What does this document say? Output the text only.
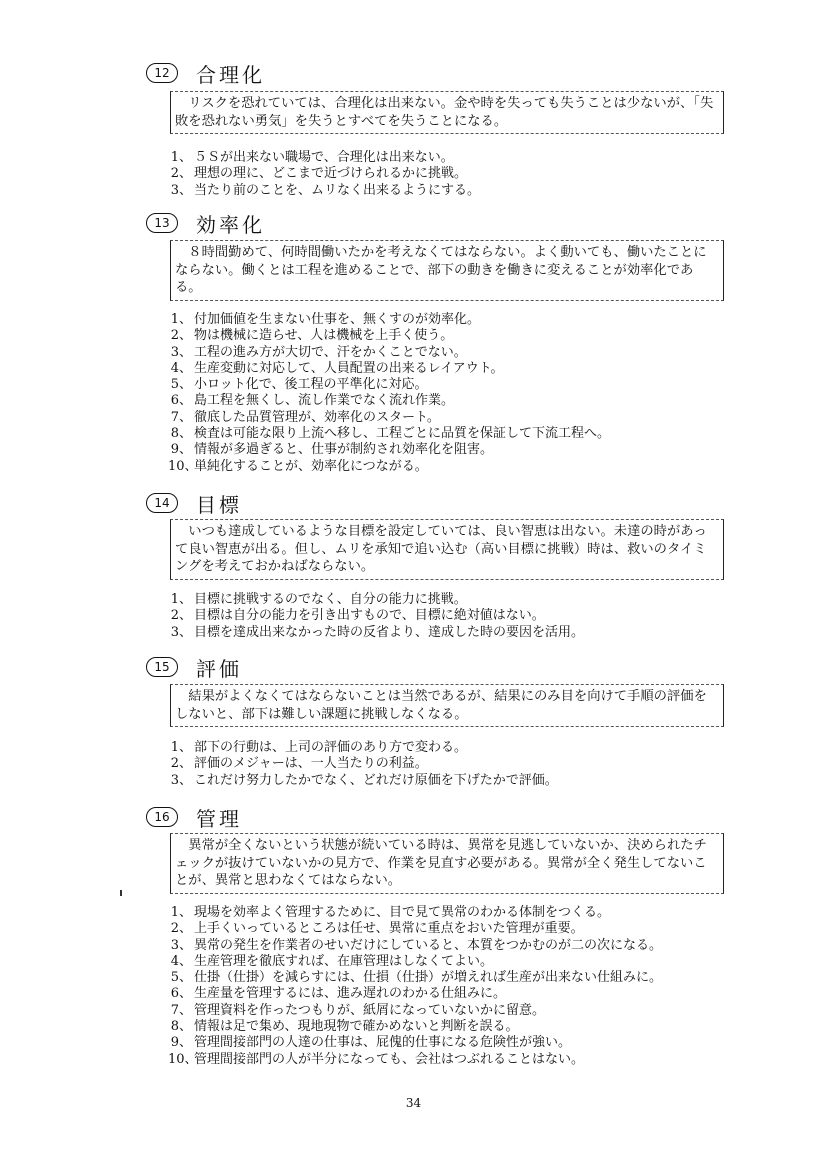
12	合理化

リスクを恐れていては、合理化は出来ない。金や時を失っても失うことは少ないが、「失敗を恐れない勇気」を失うとすべてを失うことになる。

1、 ５Ｓが出来ない職場で、合理化は出来ない。
2、 理想の理に、どこまで近づけられるかに挑戦。
3、 当たり前のことを、ムリなく出来るようにする。
13	効率化

８時間勤めて、何時間働いたかを考えなくてはならない。よく動いても、働いたことにならない。働くとは工程を進めることで、部下の動きを働きに変えることが効率化である。

1、 付加価値を生まない仕事を、無くすのが効率化。
2、 物は機械に造らせ、人は機械を上手く使う。
3、 工程の進み方が大切で、汗をかくことでない。
4、 生産変動に対応して、人員配置の出来るレイアウト。
5、 小ロット化で、後工程の平準化に対応。
6、 島工程を無くし、流し作業でなく流れ作業。
7、 徹底した品質管理が、効率化のスタート。
8、 検査は可能な限り上流へ移し、工程ごとに品質を保証して下流工程へ。
9、 情報が多過ぎると、仕事が制約され効率化を阻害。
10、単純化することが、効率化につながる。
14	目標

いつも達成しているような目標を設定していては、良い智恵は出ない。未達の時があって良い智恵が出る。但し、ムリを承知で追い込む（高い目標に挑戦）時は、救いのタイミングを考えておかねばならない。

1、 目標に挑戦するのでなく、自分の能力に挑戦。
2、 目標は自分の能力を引き出すもので、目標に絶対値はない。
3、 目標を達成出来なかった時の反省より、達成した時の要因を活用。
15	評価

結果がよくなくてはならないことは当然であるが、結果にのみ目を向けて手順の評価をしないと、部下は難しい課題に挑戦しなくなる。

1、 部下の行動は、上司の評価のあり方で変わる。
2、 評価のメジャーは、一人当たりの利益。
3、 これだけ努力したかでなく、どれだけ原価を下げたかで評価。
16	管理

異常が全くないという状態が続いている時は、異常を見逃していないか、決められたチェックが抜けていないかの見方で、作業を見直す必要がある。異常が全く発生してないことが、異常と思わなくてはならない。

1、 現場を効率よく管理するために、目で見て異常のわかる体制をつくる。
2、 上手くいっているところは任せ、異常に重点をおいた管理が重要。
3、 異常の発生を作業者のせいだけにしていると、本質をつかむのが二の次になる。
4、 生産管理を徹底すれば、在庫管理はしなくてよい。
5、 仕掛（仕掛）を減らすには、仕損（仕掛）が増えれば生産が出来ない仕組みに。
6、 生産量を管理するには、進み遅れのわかる仕組みに。
7、 管理資料を作ったつもりが、紙屑になっていないかに留意。
8、 情報は足で集め、現地現物で確かめないと判断を誤る。
9、 管理間接部門の人達の仕事は、屁傀的仕事になる危険性が強い。
10、管理間接部門の人が半分になっても、会社はつぶれることはない。
34
